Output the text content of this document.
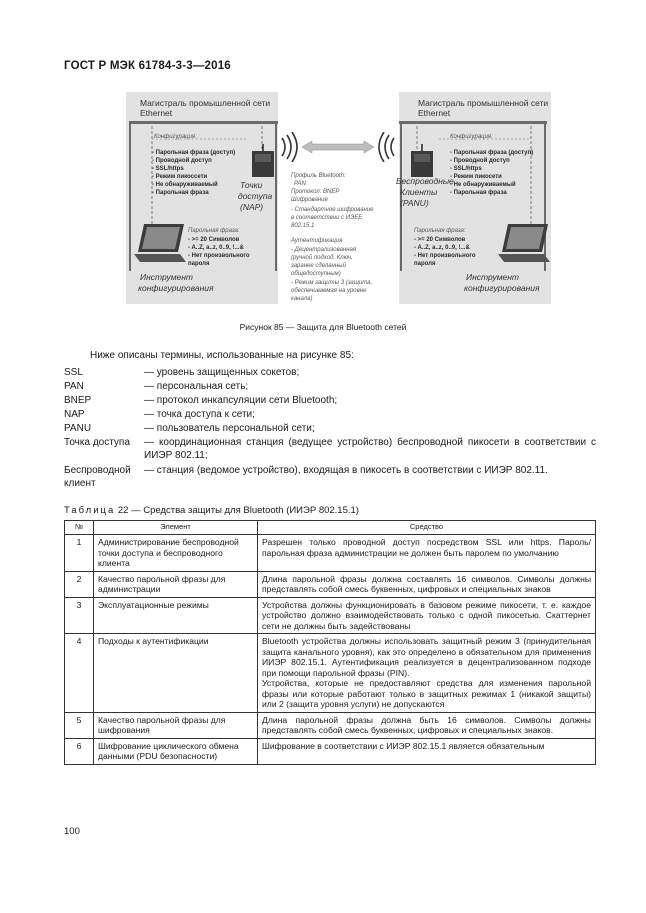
ГОСТ Р МЭК 61784-3-3—2016
Магистраль промышленной сети
Ethernet
Конфигурация:
- Парольная фраза (доступ)
- Проводной доступ
- SSL/https
- Режим пикоссети
- Не обнаруживаемый
- Парольная фраза
Точки
доступа
(NAP)
Парольная фраза:
- >= 20 Символов
- A..Z, a..z, 0..9, !...&
- Нет произвольного
пароля
Инструмент
конфигурирования
Профиль Bluetooth:
PAN
Протокол: BNEP
Шифрование
- Стандартное шифрование
в соответствии с ИЭЕЕ
802.15.1
Аутентификация
- Децентрализованная
(ручной подход. Ключ,
заранее сделанный
общедоступным)
- Режим защиты 3 (защита,
обеспечиваемая на уровне
канала)
Магистраль промышленной сети
Ethernet
Конфигурация:
- Парольная фраза (доступ)
- Проводной доступ
- SSL/https
- Режим пикосети
- Не обнаруживаемый
- Парольная фраза
Беспроводные
Клиенты
(PANU)
Парольная фраза:
- >= 20 Символов
- A..Z, a..z, 0..9, !...&
- Нет произвольного
пароля
Инструмент
конфигурирования
Рисунок 85 — Защита для Bluetooth сетей
Ниже описаны термины, использованные на рисунке 85:
SSL	— уровень защищенных сокетов;
PAN	— персональная сеть;
BNEP	— протокол инкапсуляции сети Bluetooth;
NAP	— точка доступа к сети;
PANU	— пользователь персональной сети;
Точка доступа	— координационная станция (ведущее устройство) беспроводной пикосети в соответствии с ИИЭР 802.11;
Беспроводной клиент
— станция (ведомое устройство), входящая в пикосеть в соответствии с ИИЭР 802.11.
Таблица 22 — Средства защиты для Bluetooth (ИИЭР 802.15.1)
№	Элемент	Средство
1	Администрирование беспроводной точки доступа и беспроводного клиента	Разрешен только проводной доступ посредством SSL или https. Пароль/парольная фраза администрации не должен быть паролем по умолчанию
2	Качество парольной фразы для администрации	Длина парольной фразы должна составлять 16 символов. Символы должны представлять собой смесь буквенных, цифровых и специальных знаков
3	Эксплуатационные режимы	Устройства должны функционировать в базовом режиме пикосети, т. е. каждое устройство должно взаимодействовать только с одной пикосетью. Скаттернет сети не должны быть задействованы
4	Подходы к аутентификации	Bluetooth устройства должны использовать защитный режим 3 (принудительная защита канального уровня), как это определено в обязательном для применения ИИЭР 802.15.1. Аутентификация реализуется в децентрализованном подходе при помощи парольной фразы (PIN).
Устройства, которые не предоставляют средства для изменения парольной фразы или которые работают только в защитных режимах 1 (никакой защиты) или 2 (защита уровня услуги) не допускаются

5	Качество парольной фразы для шифрования	Длина парольной фразы должна быть 16 символов. Символы должны представлять собой смесь буквенных, цифровых и специальных знаков.
6	Шифрование циклического обмена данными (PDU безопасности)	Шифрование в соответствии с ИИЭР 802.15.1 является обязательным
100
